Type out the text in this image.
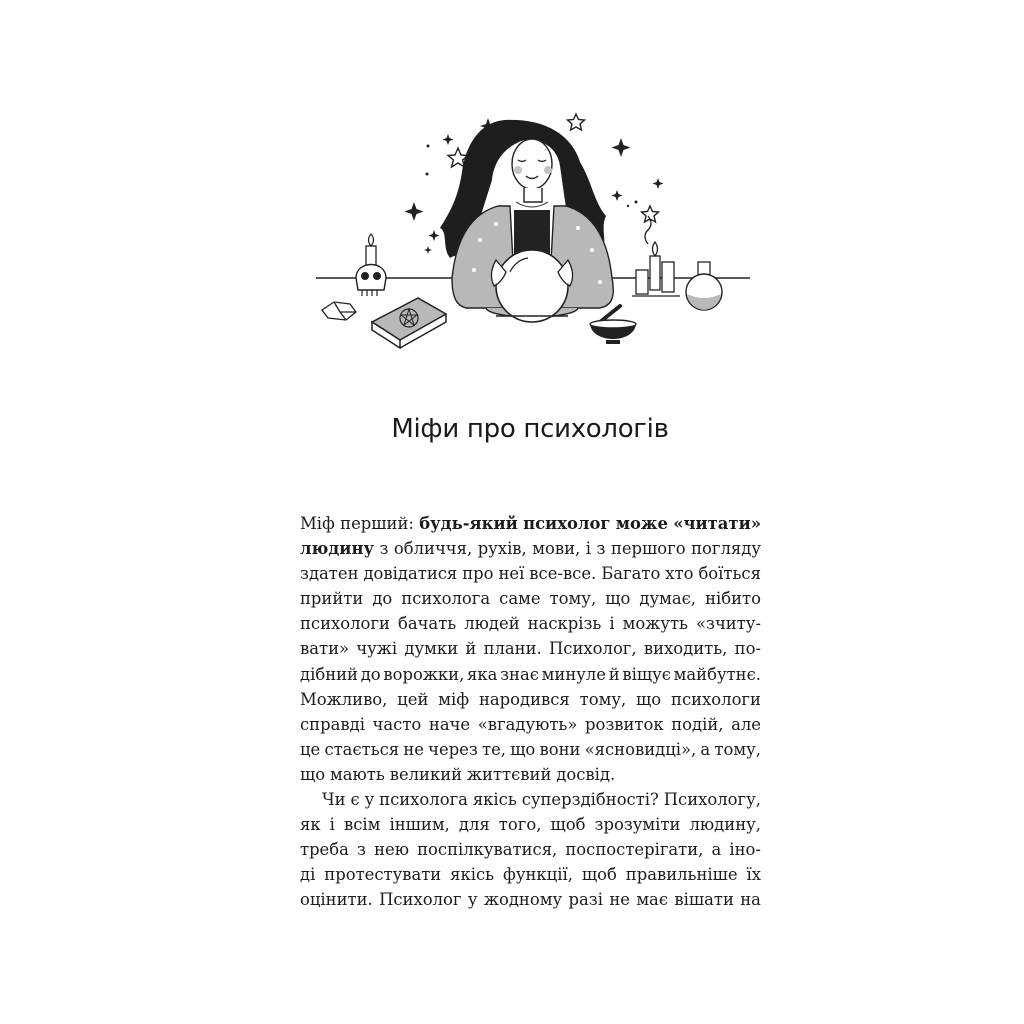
Міфи про психологів
Міф перший: будь-який психолог може «читати»
людину з обличчя, рухів, мови, і з першого погляду
здатен довідатися про неї все-все. Багато хто боїться
прийти до психолога саме тому, що думає, нібито
психологи бачать людей наскрізь і можуть «зчиту-
вати» чужі думки й плани. Психолог, виходить, по-
дібний до ворожки, яка знає минуле й віщує майбутнє.
Можливо, цей міф народився тому, що психологи
справді часто наче «вгадують» розвиток подій, але
це стається не через те, що вони «ясновидці», а тому,
що мають великий життєвий досвід.
Чи є у психолога якісь суперздібності? Психологу,
як і всім іншим, для того, щоб зрозуміти людину,
треба з нею поспілкуватися, поспостерігати, а іно-
ді протестувати якісь функції, щоб правильніше їх
оцінити. Психолог у жодному разі не має вішати на
